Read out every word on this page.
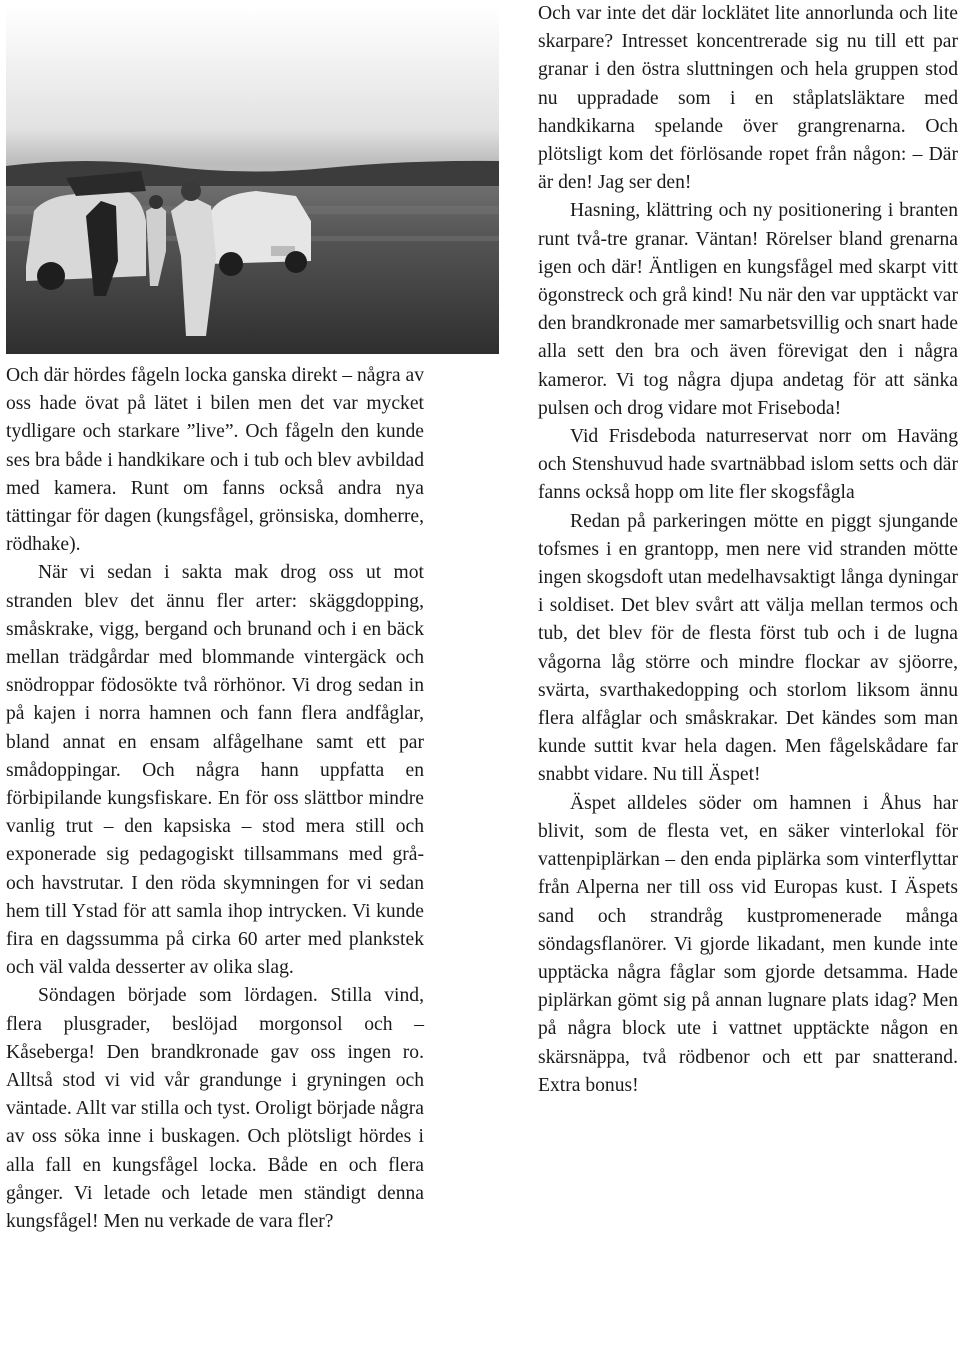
Och där hördes fågeln locka ganska direkt – några av oss hade övat på lätet i bilen men det var mycket tydligare och starkare ”live”. Och fågeln den kunde ses bra både i handkikare och i tub och blev avbildad med kamera. Runt om fanns också andra nya tättingar för dagen (kungsfågel, grönsiska, domherre, rödhake).

När vi sedan i sakta mak drog oss ut mot stranden blev det ännu fler arter: skäggdopping, småskrake, vigg, bergand och brunand och i en bäck mellan trädgårdar med blommande vintergäck och snödroppar födosökte två rörhönor. Vi drog sedan in på kajen i norra hamnen och fann flera andfåglar, bland annat en ensam alfågelhane samt ett par smådoppingar. Och några hann uppfatta en förbipilande kungsfiskare. En för oss slättbor mindre vanlig trut – den kapsiska – stod mera still och exponerade sig pedagogiskt tillsammans med grå- och havstrutar. I den röda skymningen for vi sedan hem till Ystad för att samla ihop intrycken. Vi kunde fira en dagssumma på cirka 60 arter med plankstek och väl valda desserter av olika slag.

Söndagen började som lördagen. Stilla vind, flera plusgrader, beslöjad morgonsol och – Kåseberga! Den brandkronade gav oss ingen ro. Alltså stod vi vid vår grandunge i gryningen och väntade. Allt var stilla och tyst. Oroligt började några av oss söka inne i buskagen. Och plötsligt hördes i alla fall en kungsfågel locka. Både en och flera gånger. Vi letade och letade men ständigt denna kungsfågel! Men nu verkade de vara fler?

Och var inte det där locklätet lite annorlunda och lite skarpare? Intresset koncentrerade sig nu till ett par granar i den östra sluttningen och hela gruppen stod nu uppradade som i en ståplatsläktare med handkikarna spelande över grangrenarna. Och plötsligt kom det förlösande ropet från någon: – Där är den! Jag ser den!

Hasning, klättring och ny positionering i branten runt två-tre granar. Väntan! Rörelser bland grenarna igen och där! Äntligen en kungsfågel med skarpt vitt ögonstreck och grå kind! Nu när den var upptäckt var den brandkronade mer samarbetsvillig och snart hade alla sett den bra och även förevigat den i några kameror. Vi tog några djupa andetag för att sänka pulsen och drog vidare mot Friseboda!

Vid Frisdeboda naturreservat norr om Haväng och Stenshuvud hade svartnäbbad islom setts och där fanns också hopp om lite fler skogsfågla

Redan på parkeringen mötte en piggt sjungande tofsmes i en grantopp, men nere vid stranden mötte ingen skogsdoft utan medelhavsaktigt långa dyningar i soldiset. Det blev svårt att välja mellan termos och tub, det blev för de flesta först tub och i de lugna vågorna låg större och mindre flockar av sjöorre, svärta, svarthakedopping och storlom liksom ännu flera alfåglar och småskrakar. Det kändes som man kunde suttit kvar hela dagen. Men fågelskådare far snabbt vidare. Nu till Äspet!

Äspet alldeles söder om hamnen i Åhus har blivit, som de flesta vet, en säker vinterlokal för vattenpiplärkan – den enda piplärka som vinterflyttar från Alperna ner till oss vid Europas kust. I Äspets sand och strandråg kustpromenerade många söndagsflanörer. Vi gjorde likadant, men kunde inte upptäcka några fåglar som gjorde detsamma. Hade piplärkan gömt sig på annan lugnare plats idag? Men på några block ute i vattnet upptäckte någon en skärsnäppa, två rödbenor och ett par snatterand. Extra bonus!
